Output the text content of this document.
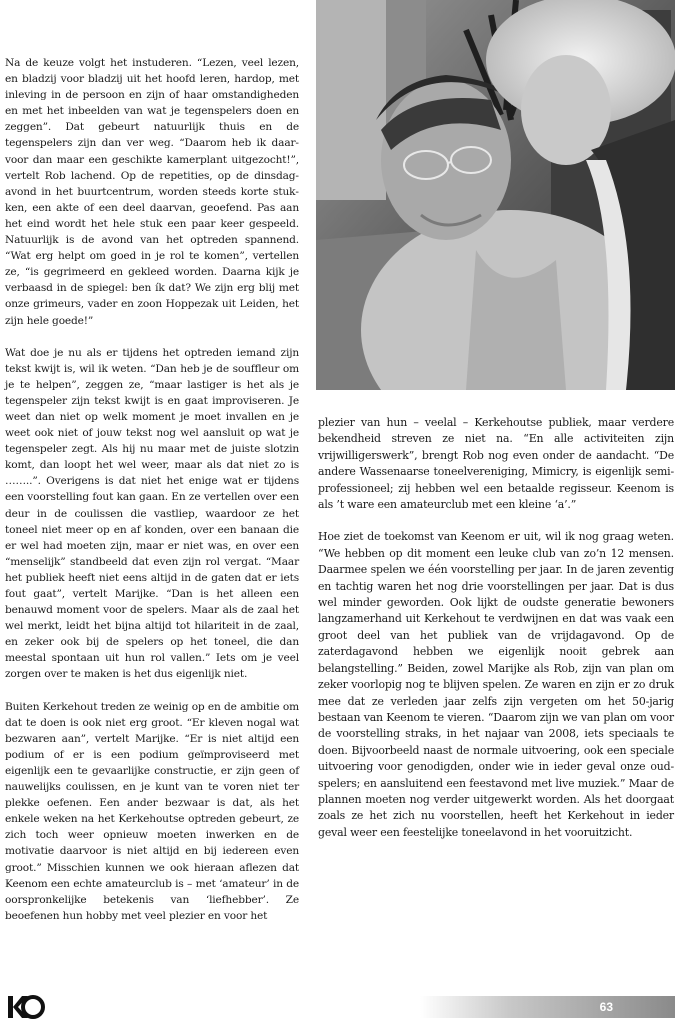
Na de keuze volgt het instuderen. “Lezen, veel lezen, en bladzij voor bladzij uit het hoofd leren, hardop, met inleving in de persoon en zijn of haar omstandigheden en met het inbeelden van wat je tegenspelers doen en zeggen”. Dat gebeurt natuurlijk thuis en de tegenspelers zijn dan ver weg. “Daarom heb ik daarvoor dan maar een geschikte kamerplant uitgezocht!”, vertelt Rob lachend. Op de repetities, op de dinsdagavond in het buurtcentrum, worden steeds korte stukken, een akte of een deel daarvan, geoefend. Pas aan het eind wordt het hele stuk een paar keer gespeeld. Natuurlijk is de avond van het optreden spannend. “Wat erg helpt om goed in je rol te komen”, vertellen ze, “is gegrimeerd en gekleed worden. Daarna kijk je verbaasd in de spiegel: ben ík dat? We zijn erg blij met onze grimeurs, vader en zoon Hoppezak uit Leiden, het zijn hele goede!”

Wat doe je nu als er tijdens het optreden iemand zijn tekst kwijt is, wil ik weten. “Dan heb je de souffleur om je te helpen”, zeggen ze, “maar lastiger is het als je tegenspeler zijn tekst kwijt is en gaat improviseren. Je weet dan niet op welk moment je moet invallen en je weet ook niet of jouw tekst nog wel aansluit op wat je tegenspeler zegt. Als hij nu maar met de juiste slotzin komt, dan loopt het wel weer, maar als dat niet zo is ……..”. Overigens is dat niet het enige wat er tijdens een voorstelling fout kan gaan. En ze vertellen over een deur in de coulissen die vastliep, waardoor ze het toneel niet meer op en af konden, over een banaan die er wel had moeten zijn, maar er niet was, en over een “menselijk” standbeeld dat even zijn rol vergat. “Maar het publiek heeft niet eens altijd in de gaten dat er iets fout gaat”, vertelt Marijke. “Dan is het alleen een benauwd moment voor de spelers. Maar als de zaal het wel merkt, leidt het bijna altijd tot hilariteit in de zaal, en zeker ook bij de spelers op het toneel, die dan meestal spontaan uit hun rol vallen.” Iets om je veel zorgen over te maken is het dus eigenlijk niet.

Buiten Kerkehout treden ze weinig op en de ambitie om dat te doen is ook niet erg groot. “Er kleven nogal wat bezwaren aan”, vertelt Marijke. “Er is niet altijd een podium of er is een podium geïmproviseerd met eigenlijk een te gevaarlijke constructie, er zijn geen of nauwelijks coulissen, en je kunt van te voren niet ter plekke oefenen. Een ander bezwaar is dat, als het enkele weken na het Kerkehoutse optreden gebeurt, ze zich toch weer opnieuw moeten inwerken en de motivatie daarvoor is niet altijd en bij iedereen even groot.” Misschien kunnen we ook hieraan aflezen dat Keenom een echte amateurclub is – met ‘amateur’ in de oorspronkelijke betekenis van ‘liefhebber’. Ze beoefenen hun hobby met veel plezier en voor het

plezier van hun – veelal – Kerkehoutse publiek, maar verdere bekendheid streven ze niet na. “En alle activiteiten zijn vrijwilligerswerk”, brengt Rob nog even onder de aandacht. “De andere Wassenaarse toneelvereniging, Mimicry, is eigenlijk semi-professioneel; zij hebben wel een betaalde regisseur. Keenom is als ’t ware een amateurclub met een kleine ‘a’.”

Hoe ziet de toekomst van Keenom er uit, wil ik nog graag weten. “We hebben op dit moment een leuke club van zo’n 12 mensen. Daarmee spelen we één voorstelling per jaar. In de jaren zeventig en tachtig waren het nog drie voorstellingen per jaar. Dat is dus wel minder geworden. Ook lijkt de oudste generatie bewoners langzamerhand uit Kerkehout te verdwijnen en dat was vaak een groot deel van het publiek van de vrijdagavond. Op de zaterdagavond hebben we eigenlijk nooit gebrek aan belangstelling.” Beiden, zowel Marijke als Rob, zijn van plan om zeker voorlopig nog te blijven spelen. Ze waren en zijn er zo druk mee dat ze verleden jaar zelfs zijn vergeten om het 50-jarig bestaan van Keenom te vieren. “Daarom zijn we van plan om voor de voorstelling straks, in het najaar van 2008, iets speciaals te doen. Bijvoorbeeld naast de normale uitvoering, ook een speciale uitvoering voor genodigden, onder wie in ieder geval onze oud-spelers; en aansluitend een feestavond met live muziek.” Maar de plannen moeten nog verder uitgewerkt worden. Als het doorgaat zoals ze het zich nu voorstellen, heeft het Kerkehout in ieder geval weer een feestelijke toneelavond in het vooruitzicht.

63
